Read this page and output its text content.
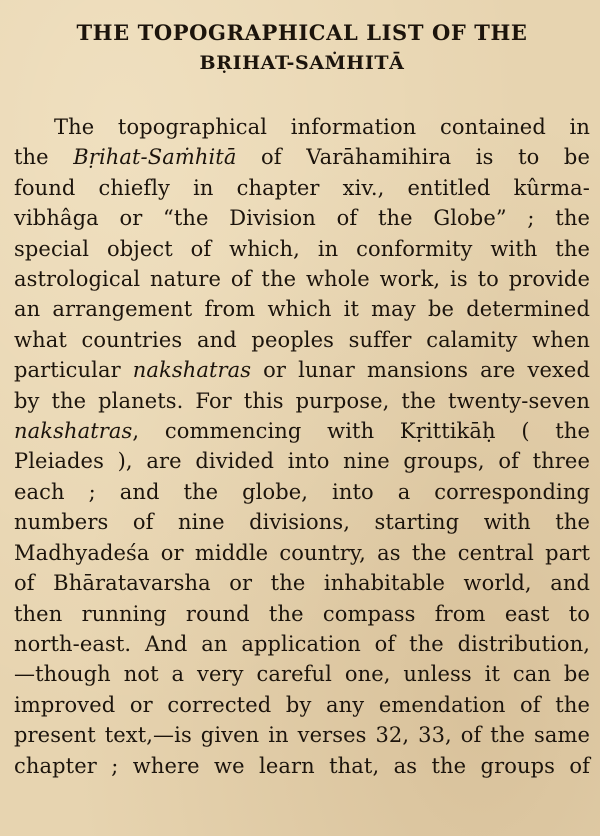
THE TOPOGRAPHICAL LIST OF THE
BṚIHAT-SAṀHITĀ
The topographical information contained in
the Bṛihat-Saṁhitā of Varāhamihira is to be
found chiefly in chapter xiv., entitled kûrma-
vibhâga or “the Division of the Globe” ; the
special object of which, in conformity with the
astrological nature of the whole work, is to provide
an arrangement from which it may be determined
what countries and peoples suffer calamity when
particular nakshatras or lunar mansions are vexed
by the planets. For this purpose, the twenty-seven
nakshatras, commencing with Kṛittikāḥ ( the
Pleiades ), are divided into nine groups, of three
each ; and the globe, into a corresponding
numbers of nine divisions, starting with the
Madhyadeśa or middle country, as the central part
of Bhāratavarsha or the inhabitable world, and
then running round the compass from east to
north-east. And an application of the distribution,
—though not a very careful one, unless it can be
improved or corrected by any emendation of the
present text,—is given in verses 32, 33, of the same
chapter ; where we learn that, as the groups of
